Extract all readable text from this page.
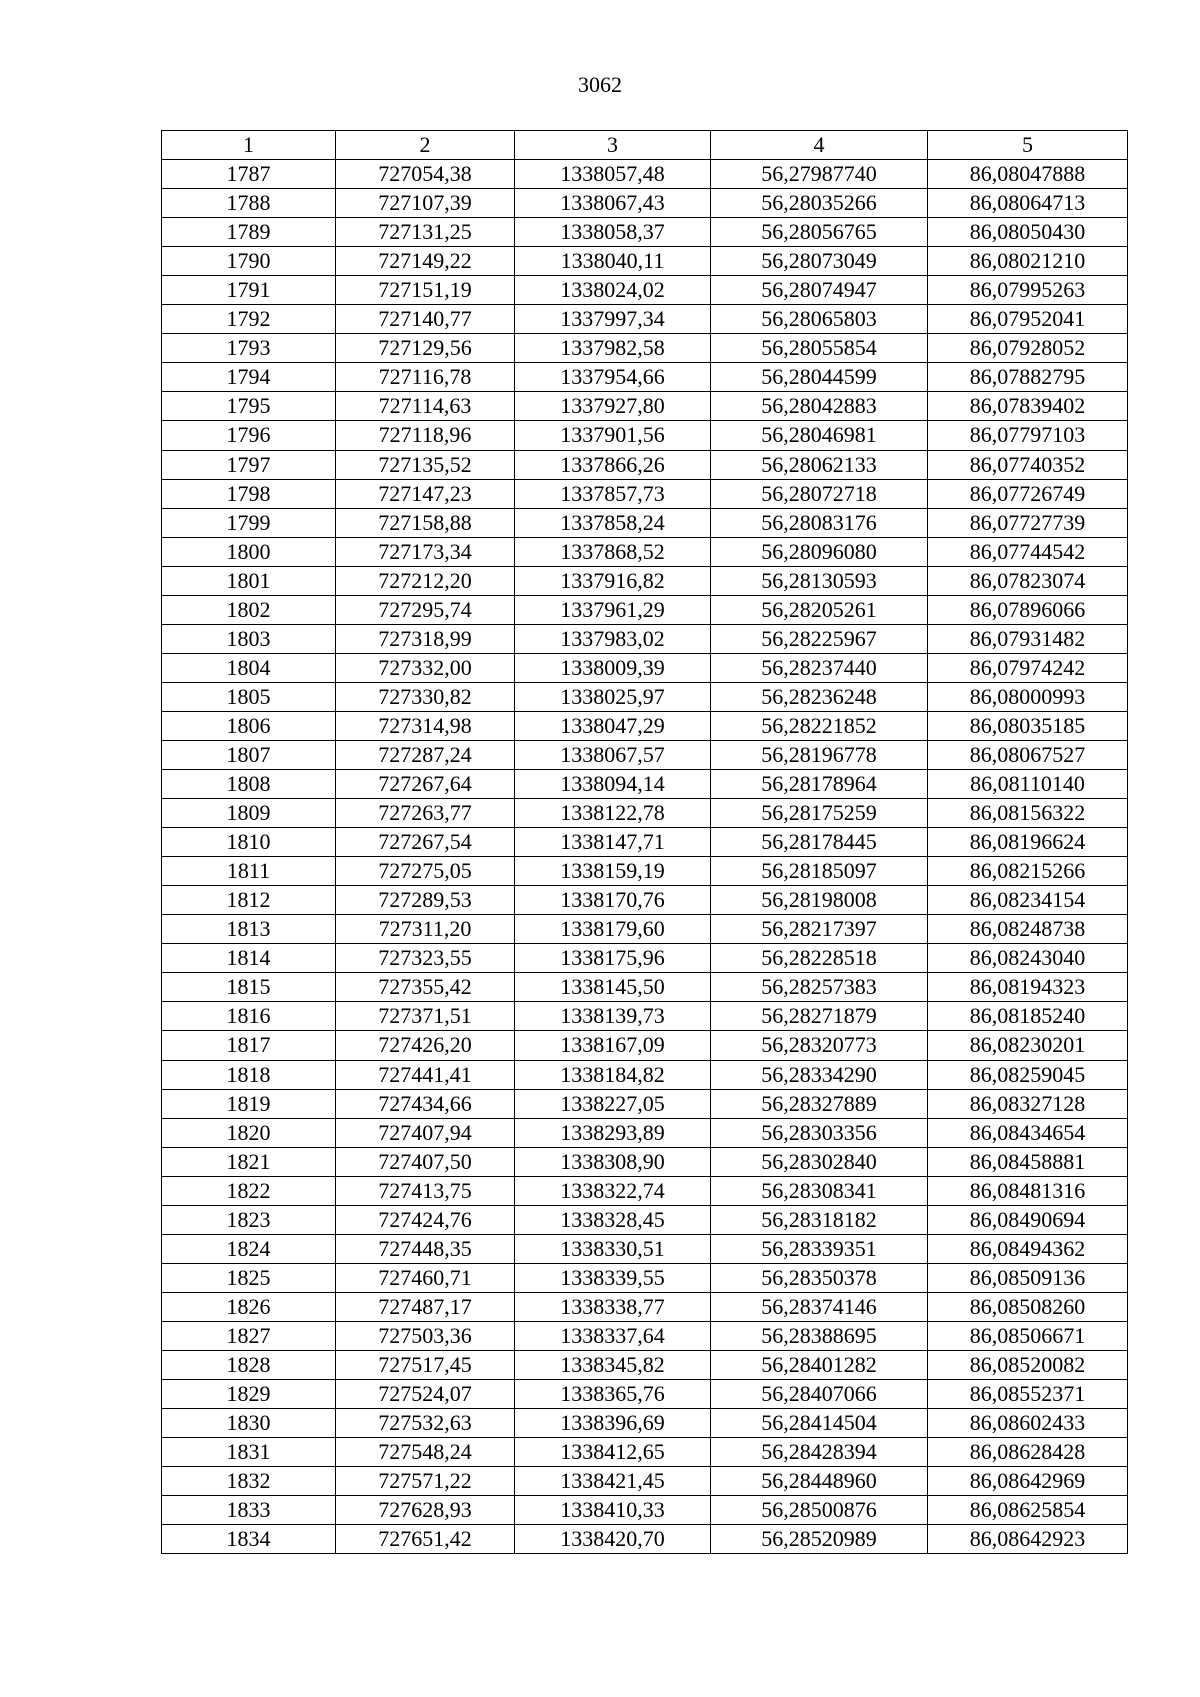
3062
1	2	3	4	5
1787	727054,38	1338057,48	56,27987740	86,08047888
1788	727107,39	1338067,43	56,28035266	86,08064713
1789	727131,25	1338058,37	56,28056765	86,08050430
1790	727149,22	1338040,11	56,28073049	86,08021210
1791	727151,19	1338024,02	56,28074947	86,07995263
1792	727140,77	1337997,34	56,28065803	86,07952041
1793	727129,56	1337982,58	56,28055854	86,07928052
1794	727116,78	1337954,66	56,28044599	86,07882795
1795	727114,63	1337927,80	56,28042883	86,07839402
1796	727118,96	1337901,56	56,28046981	86,07797103
1797	727135,52	1337866,26	56,28062133	86,07740352
1798	727147,23	1337857,73	56,28072718	86,07726749
1799	727158,88	1337858,24	56,28083176	86,07727739
1800	727173,34	1337868,52	56,28096080	86,07744542
1801	727212,20	1337916,82	56,28130593	86,07823074
1802	727295,74	1337961,29	56,28205261	86,07896066
1803	727318,99	1337983,02	56,28225967	86,07931482
1804	727332,00	1338009,39	56,28237440	86,07974242
1805	727330,82	1338025,97	56,28236248	86,08000993
1806	727314,98	1338047,29	56,28221852	86,08035185
1807	727287,24	1338067,57	56,28196778	86,08067527
1808	727267,64	1338094,14	56,28178964	86,08110140
1809	727263,77	1338122,78	56,28175259	86,08156322
1810	727267,54	1338147,71	56,28178445	86,08196624
1811	727275,05	1338159,19	56,28185097	86,08215266
1812	727289,53	1338170,76	56,28198008	86,08234154
1813	727311,20	1338179,60	56,28217397	86,08248738
1814	727323,55	1338175,96	56,28228518	86,08243040
1815	727355,42	1338145,50	56,28257383	86,08194323
1816	727371,51	1338139,73	56,28271879	86,08185240
1817	727426,20	1338167,09	56,28320773	86,08230201
1818	727441,41	1338184,82	56,28334290	86,08259045
1819	727434,66	1338227,05	56,28327889	86,08327128
1820	727407,94	1338293,89	56,28303356	86,08434654
1821	727407,50	1338308,90	56,28302840	86,08458881
1822	727413,75	1338322,74	56,28308341	86,08481316
1823	727424,76	1338328,45	56,28318182	86,08490694
1824	727448,35	1338330,51	56,28339351	86,08494362
1825	727460,71	1338339,55	56,28350378	86,08509136
1826	727487,17	1338338,77	56,28374146	86,08508260
1827	727503,36	1338337,64	56,28388695	86,08506671
1828	727517,45	1338345,82	56,28401282	86,08520082
1829	727524,07	1338365,76	56,28407066	86,08552371
1830	727532,63	1338396,69	56,28414504	86,08602433
1831	727548,24	1338412,65	56,28428394	86,08628428
1832	727571,22	1338421,45	56,28448960	86,08642969
1833	727628,93	1338410,33	56,28500876	86,08625854
1834	727651,42	1338420,70	56,28520989	86,08642923
